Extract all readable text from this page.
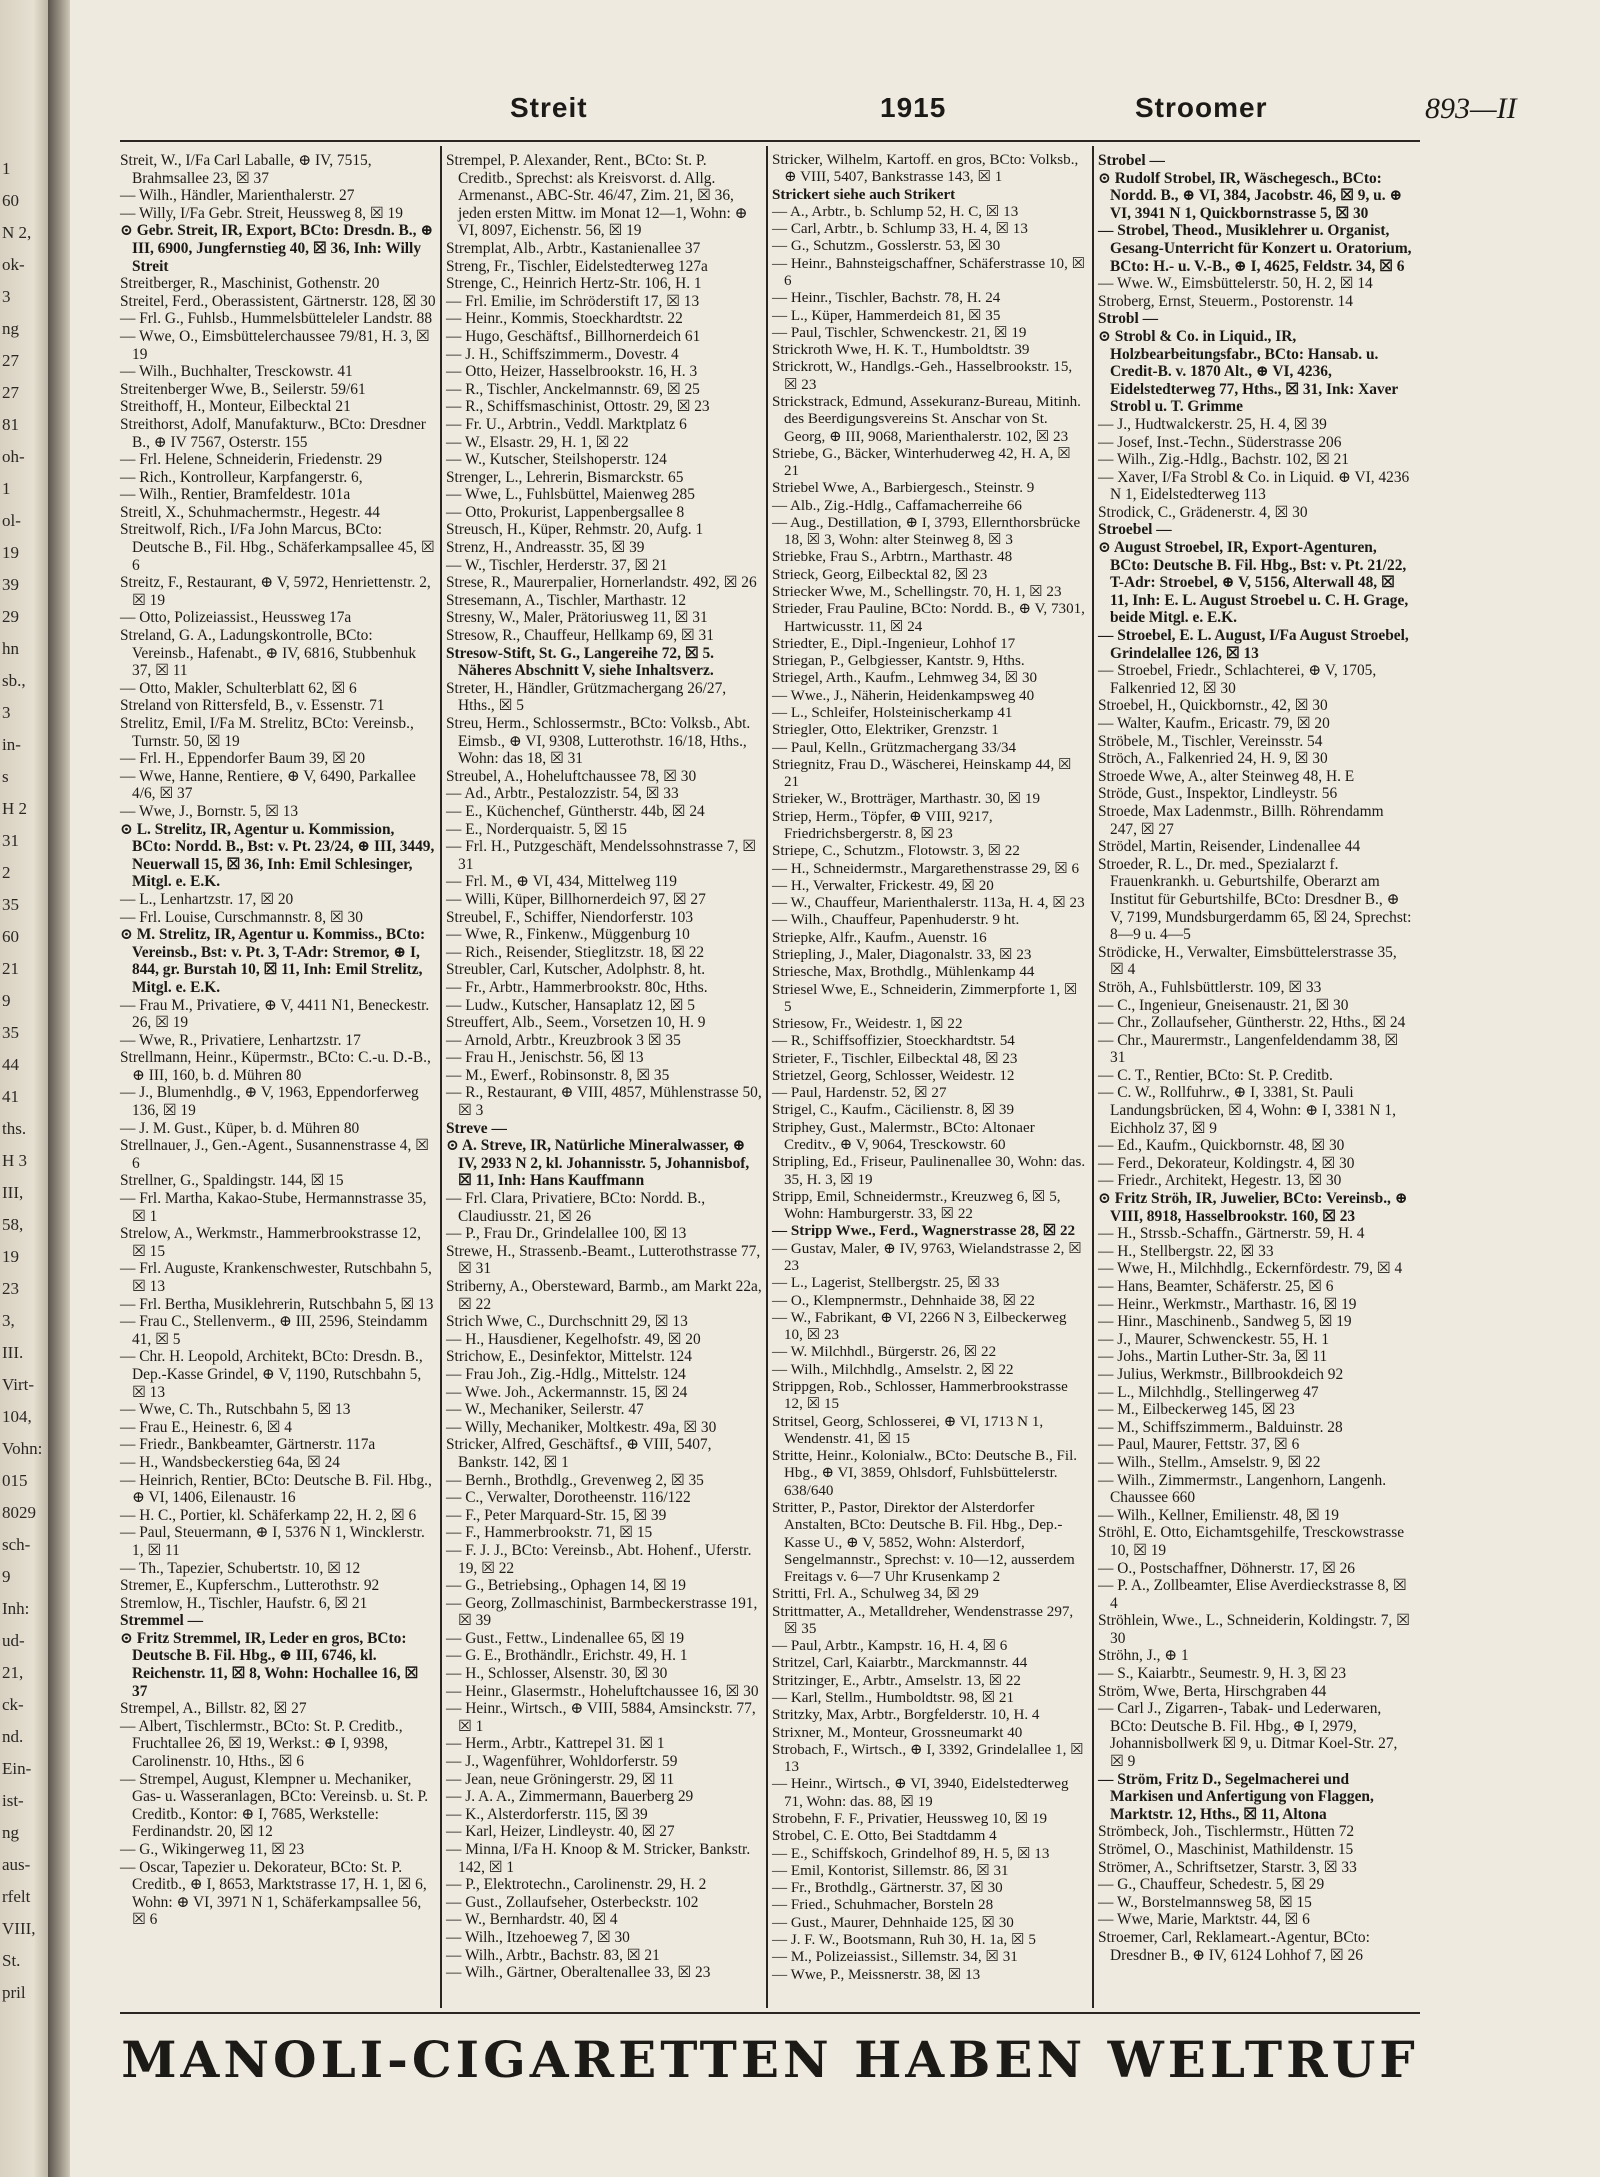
1
60
N 2,
ok-
3
ng
27
27
81
oh-
1
ol-
19
39
29
hn
sb.,
3
in-
s
H 2
31
2
35
60
21
9
35
44
41
ths.
H 3
III,
58,
19
23
3,
III.
Virt-
104,
Vohn:
015
8029
sch-
9
Inh:
ud-
21,
ck-
nd.
Ein-
ist-
ng
aus-
rfelt
VIII,
St.
pril
Streit	1915	Stroomer	893—II

Streit, W., I/Fa Carl Laballe, ⊕ IV, 7515, Brahmsallee 23, ☒ 37

— Wilh., Händler, Marienthalerstr. 27

— Willy, I/Fa Gebr. Streit, Heussweg 8, ☒ 19

⊙ Gebr. Streit, IR, Export, BCto: Dresdn. B., ⊕ III, 6900, Jungfernstieg 40, ☒ 36, Inh: Willy Streit

Streitberger, R., Maschinist, Gothenstr. 20

Streitel, Ferd., Oberassistent, Gärtnerstr. 128, ☒ 30

— Frl. G., Fuhlsb., Hummelsbütteleler Landstr. 88

— Wwe, O., Eimsbüttelerchaussee 79/81, H. 3, ☒ 19

— Wilh., Buchhalter, Tresckowstr. 41

Streitenberger Wwe, B., Seilerstr. 59/61

Streithoff, H., Monteur, Eilbecktal 21

Streithorst, Adolf, Manufakturw., BCto: Dresdner B., ⊕ IV 7567, Osterstr. 155

— Frl. Helene, Schneiderin, Friedenstr. 29

— Rich., Kontrolleur, Karpfangerstr. 6,

— Wilh., Rentier, Bramfeldestr. 101a

Streitl, X., Schuhmachermstr., Hegestr. 44

Streitwolf, Rich., I/Fa John Marcus, BCto: Deutsche B., Fil. Hbg., Schäferkampsallee 45, ☒ 6

Streitz, F., Restaurant, ⊕ V, 5972, Henriettenstr. 2, ☒ 19

— Otto, Polizeiassist., Heussweg 17a

Streland, G. A., Ladungskontrolle, BCto: Vereinsb., Hafenabt., ⊕ IV, 6816, Stubbenhuk 37, ☒ 11

— Otto, Makler, Schulterblatt 62, ☒ 6

Streland von Rittersfeld, B., v. Essenstr. 71

Strelitz, Emil, I/Fa M. Strelitz, BCto: Vereinsb., Turnstr. 50, ☒ 19

— Frl. H., Eppendorfer Baum 39, ☒ 20

— Wwe, Hanne, Rentiere, ⊕ V, 6490, Parkallee 4/6, ☒ 37

— Wwe, J., Bornstr. 5, ☒ 13

⊙ L. Strelitz, IR, Agentur u. Kommission, BCto: Nordd. B., Bst: v. Pt. 23/24, ⊕ III, 3449, Neuerwall 15, ☒ 36, Inh: Emil Schlesinger, Mitgl. e. E.K.

— L., Lenhartzstr. 17, ☒ 20

— Frl. Louise, Curschmannstr. 8, ☒ 30

⊙ M. Strelitz, IR, Agentur u. Kommiss., BCto: Vereinsb., Bst: v. Pt. 3, T-Adr: Stremor, ⊕ I, 844, gr. Burstah 10, ☒ 11, Inh: Emil Strelitz, Mitgl. e. E.K.

— Frau M., Privatiere, ⊕ V, 4411 N1, Beneckestr. 26, ☒ 19

— Wwe, R., Privatiere, Lenhartzstr. 17

Strellmann, Heinr., Küpermstr., BCto: C.-u. D.-B., ⊕ III, 160, b. d. Mühren 80

— J., Blumenhdlg., ⊕ V, 1963, Eppendorferweg 136, ☒ 19

— J. M. Gust., Küper, b. d. Mühren 80

Strellnauer, J., Gen.-Agent., Susannenstrasse 4, ☒ 6

Strellner, G., Spaldingstr. 144, ☒ 15

— Frl. Martha, Kakao-Stube, Hermannstrasse 35, ☒ 1

Strelow, A., Werkmstr., Hammerbrookstrasse 12, ☒ 15

— Frl. Auguste, Krankenschwester, Rutschbahn 5, ☒ 13

— Frl. Bertha, Musiklehrerin, Rutschbahn 5, ☒ 13

— Frau C., Stellenverm., ⊕ III, 2596, Steindamm 41, ☒ 5

— Chr. H. Leopold, Architekt, BCto: Dresdn. B., Dep.-Kasse Grindel, ⊕ V, 1190, Rutschbahn 5, ☒ 13

— Wwe, C. Th., Rutschbahn 5, ☒ 13

— Frau E., Heinestr. 6, ☒ 4

— Friedr., Bankbeamter, Gärtnerstr. 117a

— H., Wandsbeckerstieg 64a, ☒ 24

— Heinrich, Rentier, BCto: Deutsche B. Fil. Hbg., ⊕ VI, 1406, Eilenaustr. 16

— H. C., Portier, kl. Schäferkamp 22, H. 2, ☒ 6

— Paul, Steuermann, ⊕ I, 5376 N 1, Wincklerstr. 1, ☒ 11

— Th., Tapezier, Schubertstr. 10, ☒ 12

Stremer, E., Kupferschm., Lutterothstr. 92

Stremlow, H., Tischler, Haufstr. 6, ☒ 21

Stremmel —

⊙ Fritz Stremmel, IR, Leder en gros, BCto: Deutsche B. Fil. Hbg., ⊕ III, 6746, kl. Reichenstr. 11, ☒ 8, Wohn: Hochallee 16, ☒ 37

Strempel, A., Billstr. 82, ☒ 27

— Albert, Tischlermstr., BCto: St. P. Creditb., Fruchtallee 26, ☒ 19, Werkst.: ⊕ I, 9398, Carolinenstr. 10, Hths., ☒ 6

— Strempel, August, Klempner u. Mechaniker, Gas- u. Wasseranlagen, BCto: Vereinsb. u. St. P. Creditb., Kontor: ⊕ I, 7685, Werkstelle: Ferdinandstr. 20, ☒ 12

— G., Wikingerweg 11, ☒ 23

— Oscar, Tapezier u. Dekorateur, BCto: St. P. Creditb., ⊕ I, 8653, Marktstrasse 17, H. 1, ☒ 6, Wohn: ⊕ VI, 3971 N 1, Schäferkampsallee 56, ☒ 6

Strempel, P. Alexander, Rent., BCto: St. P. Creditb., Sprechst: als Kreisvorst. d. Allg. Armenanst., ABC-Str. 46/47, Zim. 21, ☒ 36, jeden ersten Mittw. im Monat 12—1, Wohn: ⊕ VI, 8097, Eichenstr. 56, ☒ 19

Stremplat, Alb., Arbtr., Kastanienallee 37

Streng, Fr., Tischler, Eidelstedterweg 127a

Strenge, C., Heinrich Hertz-Str. 106, H. 1

— Frl. Emilie, im Schröderstift 17, ☒ 13

— Heinr., Kommis, Stoeckhardtstr. 22

— Hugo, Geschäftsf., Billhornerdeich 61

— J. H., Schiffszimmerm., Dovestr. 4

— Otto, Heizer, Hasselbrookstr. 16, H. 3

— R., Tischler, Anckelmannstr. 69, ☒ 25

— R., Schiffsmaschinist, Ottostr. 29, ☒ 23

— Fr. U., Arbtrin., Veddl. Marktplatz 6

— W., Elsastr. 29, H. 1, ☒ 22

— W., Kutscher, Steilshoperstr. 124

Strenger, L., Lehrerin, Bismarckstr. 65

— Wwe, L., Fuhlsbüttel, Maienweg 285

— Otto, Prokurist, Lappenbergsallee 8

Streusch, H., Küper, Rehmstr. 20, Aufg. 1

Strenz, H., Andreasstr. 35, ☒ 39

— W., Tischler, Herderstr. 37, ☒ 21

Strese, R., Maurerpalier, Hornerlandstr. 492, ☒ 26

Stresemann, A., Tischler, Marthastr. 12

Stresny, W., Maler, Prätoriusweg 11, ☒ 31

Stresow, R., Chauffeur, Hellkamp 69, ☒ 31

Stresow-Stift, St. G., Langereihe 72, ☒ 5. Näheres Abschnitt V, siehe Inhaltsverz.

Streter, H., Händler, Grützmachergang 26/27, Hths., ☒ 5

Streu, Herm., Schlossermstr., BCto: Volksb., Abt. Eimsb., ⊕ VI, 9308, Lutterothstr. 16/18, Hths., Wohn: das 18, ☒ 31

Streubel, A., Hoheluftchaussee 78, ☒ 30

— Ad., Arbtr., Pestalozzistr. 54, ☒ 33

— E., Küchenchef, Güntherstr. 44b, ☒ 24

— E., Norderquaistr. 5, ☒ 15

— Frl. H., Putzgeschäft, Mendelssohnstrasse 7, ☒ 31

— Frl. M., ⊕ VI, 434, Mittelweg 119

— Willi, Küper, Billhornerdeich 97, ☒ 27

Streubel, F., Schiffer, Niendorferstr. 103

— Wwe, R., Finkenw., Müggenburg 10

— Rich., Reisender, Stieglitzstr. 18, ☒ 22

Streubler, Carl, Kutscher, Adolphstr. 8, ht.

— Fr., Arbtr., Hammerbrookstr. 80c, Hths.

— Ludw., Kutscher, Hansaplatz 12, ☒ 5

Streuffert, Alb., Seem., Vorsetzen 10, H. 9

— Arnold, Arbtr., Kreuzbrook 3 ☒ 35

— Frau H., Jenischstr. 56, ☒ 13

— M., Ewerf., Robinsonstr. 8, ☒ 35

— R., Restaurant, ⊕ VIII, 4857, Mühlenstrasse 50, ☒ 3

Streve —

⊙ A. Streve, IR, Natürliche Mineralwasser, ⊕ IV, 2933 N 2, kl. Johannisstr. 5, Johannisbof, ☒ 11, Inh: Hans Kauffmann

— Frl. Clara, Privatiere, BCto: Nordd. B., Claudiusstr. 21, ☒ 26

— P., Frau Dr., Grindelallee 100, ☒ 13

Strewe, H., Strassenb.-Beamt., Lutterothstrasse 77, ☒ 31

Striberny, A., Obersteward, Barmb., am Markt 22a, ☒ 22

Strich Wwe, C., Durchschnitt 29, ☒ 13

— H., Hausdiener, Kegelhofstr. 49, ☒ 20

Strichow, E., Desinfektor, Mittelstr. 124

— Frau Joh., Zig.-Hdlg., Mittelstr. 124

— Wwe. Joh., Ackermannstr. 15, ☒ 24

— W., Mechaniker, Seilerstr. 47

— Willy, Mechaniker, Moltkestr. 49a, ☒ 30

Stricker, Alfred, Geschäftsf., ⊕ VIII, 5407, Bankstr. 142, ☒ 1

— Bernh., Brothdlg., Grevenweg 2, ☒ 35

— C., Verwalter, Dorotheenstr. 116/122

— F., Peter Marquard-Str. 15, ☒ 39

— F., Hammerbrookstr. 71, ☒ 15

— F. J. J., BCto: Vereinsb., Abt. Hohenf., Uferstr. 19, ☒ 22

— G., Betriebsing., Ophagen 14, ☒ 19

— Georg, Zollmaschinist, Barmbeckerstrasse 191, ☒ 39

— Gust., Fettw., Lindenallee 65, ☒ 19

— G. E., Brothändlr., Erichstr. 49, H. 1

— H., Schlosser, Alsenstr. 30, ☒ 30

— Heinr., Glasermstr., Hoheluftchaussee 16, ☒ 30

— Heinr., Wirtsch., ⊕ VIII, 5884, Amsinckstr. 77, ☒ 1

— Herm., Arbtr., Kattrepel 31. ☒ 1

— J., Wagenführer, Wohldorferstr. 59

— Jean, neue Gröningerstr. 29, ☒ 11

— J. A. A., Zimmermann, Bauerberg 29

— K., Alsterdorferstr. 115, ☒ 39

— Karl, Heizer, Lindleystr. 40, ☒ 27

— Minna, I/Fa H. Knoop & M. Stricker, Bankstr. 142, ☒ 1

— P., Elektrotechn., Carolinenstr. 29, H. 2

— Gust., Zollaufseher, Osterbeckstr. 102

— W., Bernhardstr. 40, ☒ 4

— Wilh., Itzehoeweg 7, ☒ 30

— Wilh., Arbtr., Bachstr. 83, ☒ 21

— Wilh., Gärtner, Oberaltenallee 33, ☒ 23

Stricker, Wilhelm, Kartoff. en gros, BCto: Volksb., ⊕ VIII, 5407, Bankstrasse 143, ☒ 1

Strickert siehe auch Strikert

— A., Arbtr., b. Schlump 52, H. C, ☒ 13

— Carl, Arbtr., b. Schlump 33, H. 4, ☒ 13

— G., Schutzm., Gosslerstr. 53, ☒ 30

— Heinr., Bahnsteigschaffner, Schäferstrasse 10, ☒ 6

— Heinr., Tischler, Bachstr. 78, H. 24

— L., Küper, Hammerdeich 81, ☒ 35

— Paul, Tischler, Schwenckestr. 21, ☒ 19

Strickroth Wwe, H. K. T., Humboldtstr. 39

Strickrott, W., Handlgs.-Geh., Hasselbrookstr. 15, ☒ 23

Strickstrack, Edmund, Assekuranz-Bureau, Mitinh. des Beerdigungsvereins St. Anschar von St. Georg, ⊕ III, 9068, Marienthalerstr. 102, ☒ 23

Striebe, G., Bäcker, Winterhuderweg 42, H. A, ☒ 21

Striebel Wwe, A., Barbiergesch., Steinstr. 9

— Alb., Zig.-Hdlg., Caffamacherreihe 66

— Aug., Destillation, ⊕ I, 3793, Ellernthorsbrücke 18, ☒ 3, Wohn: alter Steinweg 8, ☒ 3

Striebke, Frau S., Arbtrn., Marthastr. 48

Strieck, Georg, Eilbecktal 82, ☒ 23

Striecker Wwe, M., Schellingstr. 70, H. 1, ☒ 23

Strieder, Frau Pauline, BCto: Nordd. B., ⊕ V, 7301, Hartwicusstr. 11, ☒ 24

Striedter, E., Dipl.-Ingenieur, Lohhof 17

Striegan, P., Gelbgiesser, Kantstr. 9, Hths.

Striegel, Arth., Kaufm., Lehmweg 34, ☒ 30

— Wwe., J., Näherin, Heidenkampsweg 40

— L., Schleifer, Holsteinischerkamp 41

Striegler, Otto, Elektriker, Grenzstr. 1

— Paul, Kelln., Grützmachergang 33/34

Striegnitz, Frau D., Wäscherei, Heinskamp 44, ☒ 21

Strieker, W., Brotträger, Marthastr. 30, ☒ 19

Striep, Herm., Töpfer, ⊕ VIII, 9217, Friedrichsbergerstr. 8, ☒ 23

Striepe, C., Schutzm., Flotowstr. 3, ☒ 22

— H., Schneidermstr., Margarethenstrasse 29, ☒ 6

— H., Verwalter, Frickestr. 49, ☒ 20

— W., Chauffeur, Marienthalerstr. 113a, H. 4, ☒ 23

— Wilh., Chauffeur, Papenhuderstr. 9 ht.

Striepke, Alfr., Kaufm., Auenstr. 16

Striepling, J., Maler, Diagonalstr. 33, ☒ 23

Striesche, Max, Brothdlg., Mühlenkamp 44

Striesel Wwe, E., Schneiderin, Zimmerpforte 1, ☒ 5

Striesow, Fr., Weidestr. 1, ☒ 22

— R., Schiffsoffizier, Stoeckhardtstr. 54

Strieter, F., Tischler, Eilbecktal 48, ☒ 23

Strietzel, Georg, Schlosser, Weidestr. 12

— Paul, Hardenstr. 52, ☒ 27

Strigel, C., Kaufm., Cäcilienstr. 8, ☒ 39

Striphey, Gust., Malermstr., BCto: Altonaer Creditv., ⊕ V, 9064, Tresckowstr. 60

Stripling, Ed., Friseur, Paulinenallee 30, Wohn: das. 35, H. 3, ☒ 19

Stripp, Emil, Schneidermstr., Kreuzweg 6, ☒ 5, Wohn: Hamburgerstr. 33, ☒ 22

— Stripp Wwe., Ferd., Wagnerstrasse 28, ☒ 22

— Gustav, Maler, ⊕ IV, 9763, Wielandstrasse 2, ☒ 23

— L., Lagerist, Stellbergstr. 25, ☒ 33

— O., Klempnermstr., Dehnhaide 38, ☒ 22

— W., Fabrikant, ⊕ VI, 2266 N 3, Eilbeckerweg 10, ☒ 23

— W. Milchhdl., Bürgerstr. 26, ☒ 22

— Wilh., Milchhdlg., Amselstr. 2, ☒ 22

Strippgen, Rob., Schlosser, Hammerbrookstrasse 12, ☒ 15

Stritsel, Georg, Schlosserei, ⊕ VI, 1713 N 1, Wendenstr. 41, ☒ 15

Stritte, Heinr., Kolonialw., BCto: Deutsche B., Fil. Hbg., ⊕ VI, 3859, Ohlsdorf, Fuhlsbüttelerstr. 638/640

Stritter, P., Pastor, Direktor der Alsterdorfer Anstalten, BCto: Deutsche B. Fil. Hbg., Dep.-Kasse U., ⊕ V, 5852, Wohn: Alsterdorf, Sengelmannstr., Sprechst: v. 10—12, ausserdem Freitags v. 6—7 Uhr Krusenkamp 2

Stritti, Frl. A., Schulweg 34, ☒ 29

Strittmatter, A., Metalldreher, Wendenstrasse 297, ☒ 35

— Paul, Arbtr., Kampstr. 16, H. 4, ☒ 6

Stritzel, Carl, Kaiarbtr., Marckmannstr. 44

Stritzinger, E., Arbtr., Amselstr. 13, ☒ 22

— Karl, Stellm., Humboldtstr. 98, ☒ 21

Stritzky, Max, Arbtr., Borgfelderstr. 10, H. 4

Strixner, M., Monteur, Grossneumarkt 40

Strobach, F., Wirtsch., ⊕ I, 3392, Grindelallee 1, ☒ 13

— Heinr., Wirtsch., ⊕ VI, 3940, Eidelstedterweg 71, Wohn: das. 88, ☒ 19

Strobehn, F. F., Privatier, Heussweg 10, ☒ 19

Strobel, C. E. Otto, Bei Stadtdamm 4

— E., Schiffskoch, Grindelhof 89, H. 5, ☒ 13

— Emil, Kontorist, Sillemstr. 86, ☒ 31

— Fr., Brothdlg., Gärtnerstr. 37, ☒ 30

— Fried., Schuhmacher, Borsteln 28

— Gust., Maurer, Dehnhaide 125, ☒ 30

— J. F. W., Bootsmann, Ruh 30, H. 1a, ☒ 5

— M., Polizeiassist., Sillemstr. 34, ☒ 31

— Wwe, P., Meissnerstr. 38, ☒ 13

Strobel —

⊙ Rudolf Strobel, IR, Wäschegesch., BCto: Nordd. B., ⊕ VI, 384, Jacobstr. 46, ☒ 9, u. ⊕ VI, 3941 N 1, Quickbornstrasse 5, ☒ 30

— Strobel, Theod., Musiklehrer u. Organist, Gesang-Unterricht für Konzert u. Oratorium, BCto: H.- u. V.-B., ⊕ I, 4625, Feldstr. 34, ☒ 6

— Wwe. W., Eimsbüttelerstr. 50, H. 2, ☒ 14

Stroberg, Ernst, Steuerm., Postorenstr. 14

Strobl —

⊙ Strobl & Co. in Liquid., IR, Holzbearbeitungsfabr., BCto: Hansab. u. Credit-B. v. 1870 Alt., ⊕ VI, 4236, Eidelstedterweg 77, Hths., ☒ 31, Ink: Xaver Strobl u. T. Grimme

— J., Hudtwalckerstr. 25, H. 4, ☒ 39

— Josef, Inst.-Techn., Süderstrasse 206

— Wilh., Zig.-Hdlg., Bachstr. 102, ☒ 21

— Xaver, I/Fa Strobl & Co. in Liquid. ⊕ VI, 4236 N 1, Eidelstedterweg 113

Strodick, C., Grädenerstr. 4, ☒ 30

Stroebel —

⊙ August Stroebel, IR, Export-Agenturen, BCto: Deutsche B. Fil. Hbg., Bst: v. Pt. 21/22, T-Adr: Stroebel, ⊕ V, 5156, Alterwall 48, ☒ 11, Inh: E. L. August Stroebel u. C. H. Grage, beide Mitgl. e. E.K.

— Stroebel, E. L. August, I/Fa August Stroebel, Grindelallee 126, ☒ 13

— Stroebel, Friedr., Schlachterei, ⊕ V, 1705, Falkenried 12, ☒ 30

Stroebel, H., Quickbornstr., 42, ☒ 30

— Walter, Kaufm., Ericastr. 79, ☒ 20

Ströbele, M., Tischler, Vereinsstr. 54

Ströch, A., Falkenried 24, H. 9, ☒ 30

Stroede Wwe, A., alter Steinweg 48, H. E

Ströde, Gust., Inspektor, Lindleystr. 56

Stroede, Max Ladenmstr., Billh. Röhrendamm 247, ☒ 27

Strödel, Martin, Reisender, Lindenallee 44

Stroeder, R. L., Dr. med., Spezialarzt f. Frauenkrankh. u. Geburtshilfe, Oberarzt am Institut für Geburtshilfe, BCto: Dresdner B., ⊕ V, 7199, Mundsburgerdamm 65, ☒ 24, Sprechst: 8—9 u. 4—5

Strödicke, H., Verwalter, Eimsbüttelerstrasse 35, ☒ 4

Ströh, A., Fuhlsbüttlerstr. 109, ☒ 33

— C., Ingenieur, Gneisenaustr. 21, ☒ 30

— Chr., Zollaufseher, Güntherstr. 22, Hths., ☒ 24

— Chr., Maurermstr., Langenfeldendamm 38, ☒ 31

— C. T., Rentier, BCto: St. P. Creditb.

— C. W., Rollfuhrw., ⊕ I, 3381, St. Pauli Landungsbrücken, ☒ 4, Wohn: ⊕ I, 3381 N 1, Eichholz 37, ☒ 9

— Ed., Kaufm., Quickbornstr. 48, ☒ 30

— Ferd., Dekorateur, Koldingstr. 4, ☒ 30

— Friedr., Architekt, Hegestr. 13, ☒ 30

⊙ Fritz Ströh, IR, Juwelier, BCto: Vereinsb., ⊕ VIII, 8918, Hasselbrookstr. 160, ☒ 23

— H., Strssb.-Schaffn., Gärtnerstr. 59, H. 4

— H., Stellbergstr. 22, ☒ 33

— Wwe, H., Milchhdlg., Eckernfördestr. 79, ☒ 4

— Hans, Beamter, Schäferstr. 25, ☒ 6

— Heinr., Werkmstr., Marthastr. 16, ☒ 19

— Hinr., Maschinenb., Sandweg 5, ☒ 19

— J., Maurer, Schwenckestr. 55, H. 1

— Johs., Martin Luther-Str. 3a, ☒ 11

— Julius, Werkmstr., Billbrookdeich 92

— L., Milchhdlg., Stellingerweg 47

— M., Eilbeckerweg 145, ☒ 23

— M., Schiffszimmerm., Balduinstr. 28

— Paul, Maurer, Fettstr. 37, ☒ 6

— Wilh., Stellm., Amselstr. 9, ☒ 22

— Wilh., Zimmermstr., Langenhorn, Langenh. Chaussee 660

— Wilh., Kellner, Emilienstr. 48, ☒ 19

Ströhl, E. Otto, Eichamtsgehilfe, Tresckowstrasse 10, ☒ 19

— O., Postschaffner, Döhnerstr. 17, ☒ 26

— P. A., Zollbeamter, Elise Averdieckstrasse 8, ☒ 4

Ströhlein, Wwe., L., Schneiderin, Koldingstr. 7, ☒ 30

Ströhn, J., ⊕ 1

— S., Kaiarbtr., Seumestr. 9, H. 3, ☒ 23

Ström, Wwe, Berta, Hirschgraben 44

— Carl J., Zigarren-, Tabak- und Lederwaren, BCto: Deutsche B. Fil. Hbg., ⊕ I, 2979, Johannisbollwerk ☒ 9, u. Ditmar Koel-Str. 27, ☒ 9

— Ström, Fritz D., Segelmacherei und Markisen und Anfertigung von Flaggen, Marktstr. 12, Hths., ☒ 11, Altona

Strömbeck, Joh., Tischlermstr., Hütten 72

Strömel, O., Maschinist, Mathildenstr. 15

Strömer, A., Schriftsetzer, Starstr. 3, ☒ 33

— G., Chauffeur, Schedestr. 5, ☒ 29

— W., Borstelmannsweg 58, ☒ 15

— Wwe, Marie, Marktstr. 44, ☒ 6

Stroemer, Carl, Reklameart.-Agentur, BCto: Dresdner B., ⊕ IV, 6124 Lohhof 7, ☒ 26

MANOLI-CIGARETTEN HABEN WELTRUF
